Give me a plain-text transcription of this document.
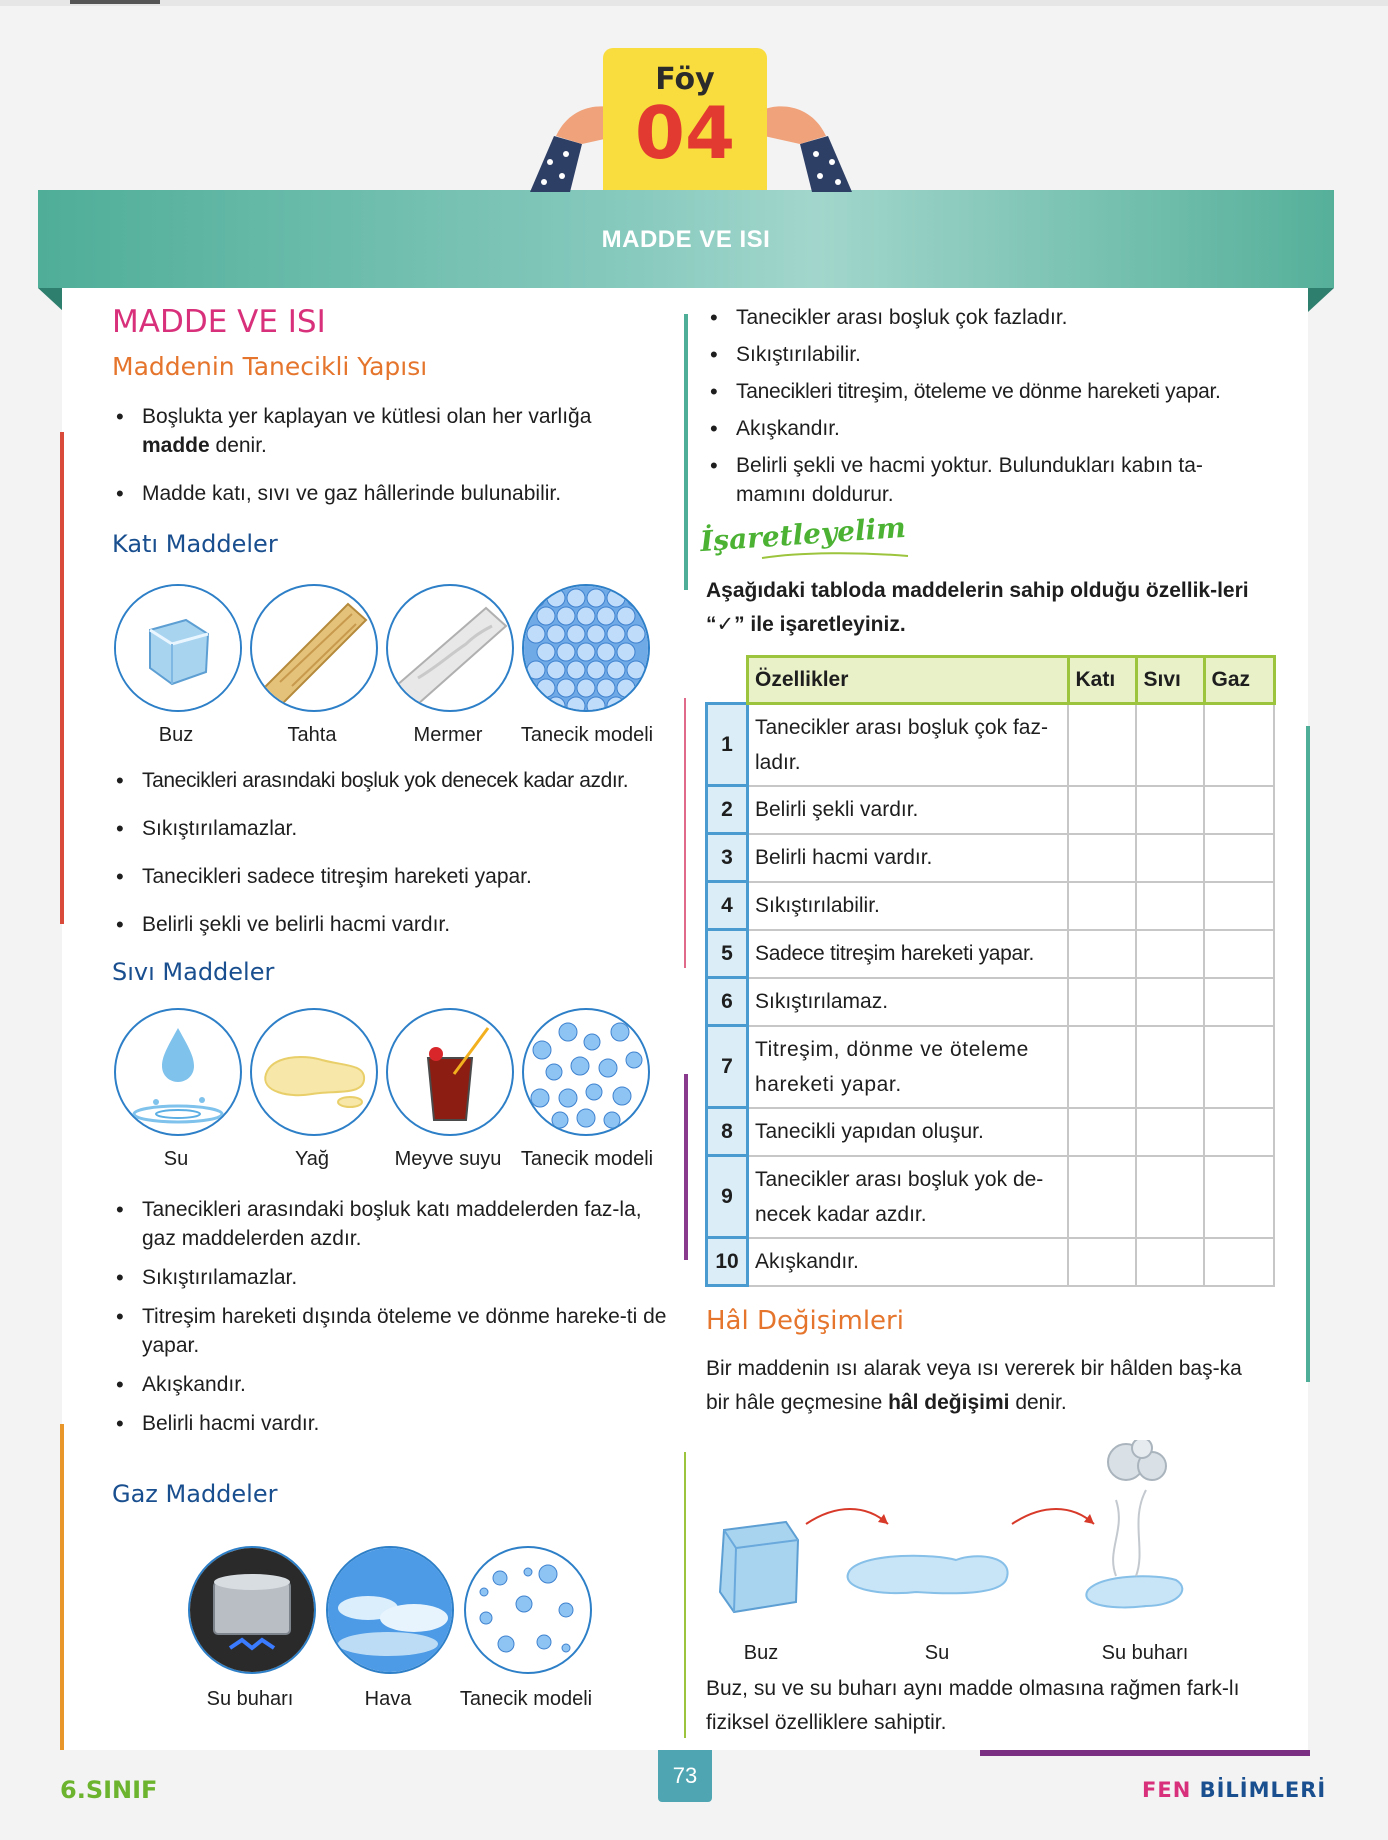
Föy
04
MADDE VE ISI
MADDE VE ISI
Maddenin Tanecikli Yapısı
• Boşlukta yer kaplayan ve kütlesi olan her varlığa
madde denir.
• Madde katı, sıvı ve gaz hâllerinde bulunabilir.
Katı Maddeler
Buz	Tahta	Mermer	Tanecik modeli
• Tanecikleri arasındaki boşluk yok denecek kadar azdır.
• Sıkıştırılamazlar.
• Tanecikleri sadece titreşim hareketi yapar.
• Belirli şekli ve belirli hacmi vardır.
Sıvı Maddeler
Su	Yağ	Meyve suyu Tanecik modeli
• Tanecikleri arasındaki boşluk katı maddelerden faz-la, gaz maddelerden azdır.
• Sıkıştırılamazlar.
• Titreşim hareketi dışında öteleme ve dönme hareke-ti de yapar.
• Akışkandır.
• Belirli hacmi vardır.
Gaz Maddeler
Su buharı	Hava	Tanecik modeli
• Tanecikler arası boşluk çok fazladır.
• Sıkıştırılabilir.
• Tanecikleri titreşim, öteleme ve dönme hareketi yapar.
• Akışkandır.
• Belirli şekli ve hacmi yoktur. Bulundukları kabın ta-mamını doldurur.
İşaretleyelim
Aşağıdaki tabloda maddelerin sahip olduğu özellik-leri “✓” ile işaretleyiniz.
	Özellikler	Katı	Sıvı	Gaz
1	Tanecikler arası boşluk çok faz-ladır.			
2	Belirli şekli vardır.			
3	Belirli hacmi vardır.			
4	Sıkıştırılabilir.			
5	Sadece titreşim hareketi yapar.			
6	Sıkıştırılamaz.			
7	Titreşim, dönme ve öteleme hareketi yapar.			
8	Tanecikli yapıdan oluşur.			
9	Tanecikler arası boşluk yok de-necek kadar azdır.			
10	Akışkandır.			
Hâl Değişimleri
Bir maddenin ısı alarak veya ısı vererek bir hâlden baş-ka bir hâle geçmesine hâl değişimi denir.
Buz	Su	Su buharı
Buz, su ve su buharı aynı madde olmasına rağmen fark-lı fiziksel özelliklere sahiptir.
73
6.SINIF	FEN BİLİMLERİ
